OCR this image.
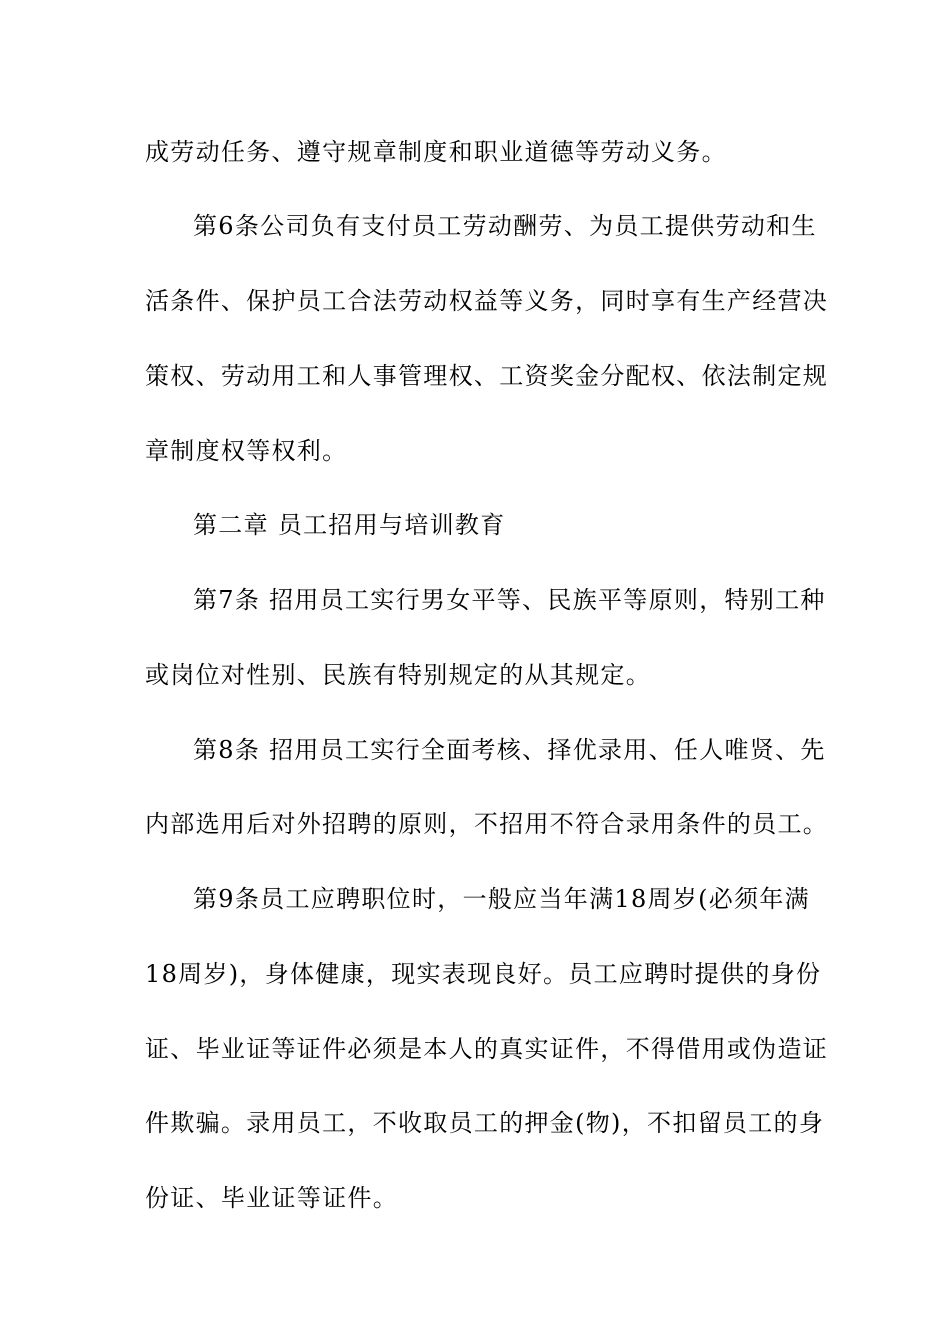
成劳动任务、遵守规章制度和职业道德等劳动义务。
第6条公司负有支付员工劳动酬劳、为员工提供劳动和生
活条件、保护员工合法劳动权益等义务，同时享有生产经营决
策权、劳动用工和人事管理权、工资奖金分配权、依法制定规
章制度权等权利。
第二章 员工招用与培训教育
第7条 招用员工实行男女平等、民族平等原则，特别工种
或岗位对性别、民族有特别规定的从其规定。
第8条 招用员工实行全面考核、择优录用、任人唯贤、先
内部选用后对外招聘的原则，不招用不符合录用条件的员工。
第9条员工应聘职位时，一般应当年满18周岁(必须年满
18周岁)，身体健康，现实表现良好。员工应聘时提供的身份
证、毕业证等证件必须是本人的真实证件，不得借用或伪造证
件欺骗。录用员工，不收取员工的押金(物)，不扣留员工的身
份证、毕业证等证件。
